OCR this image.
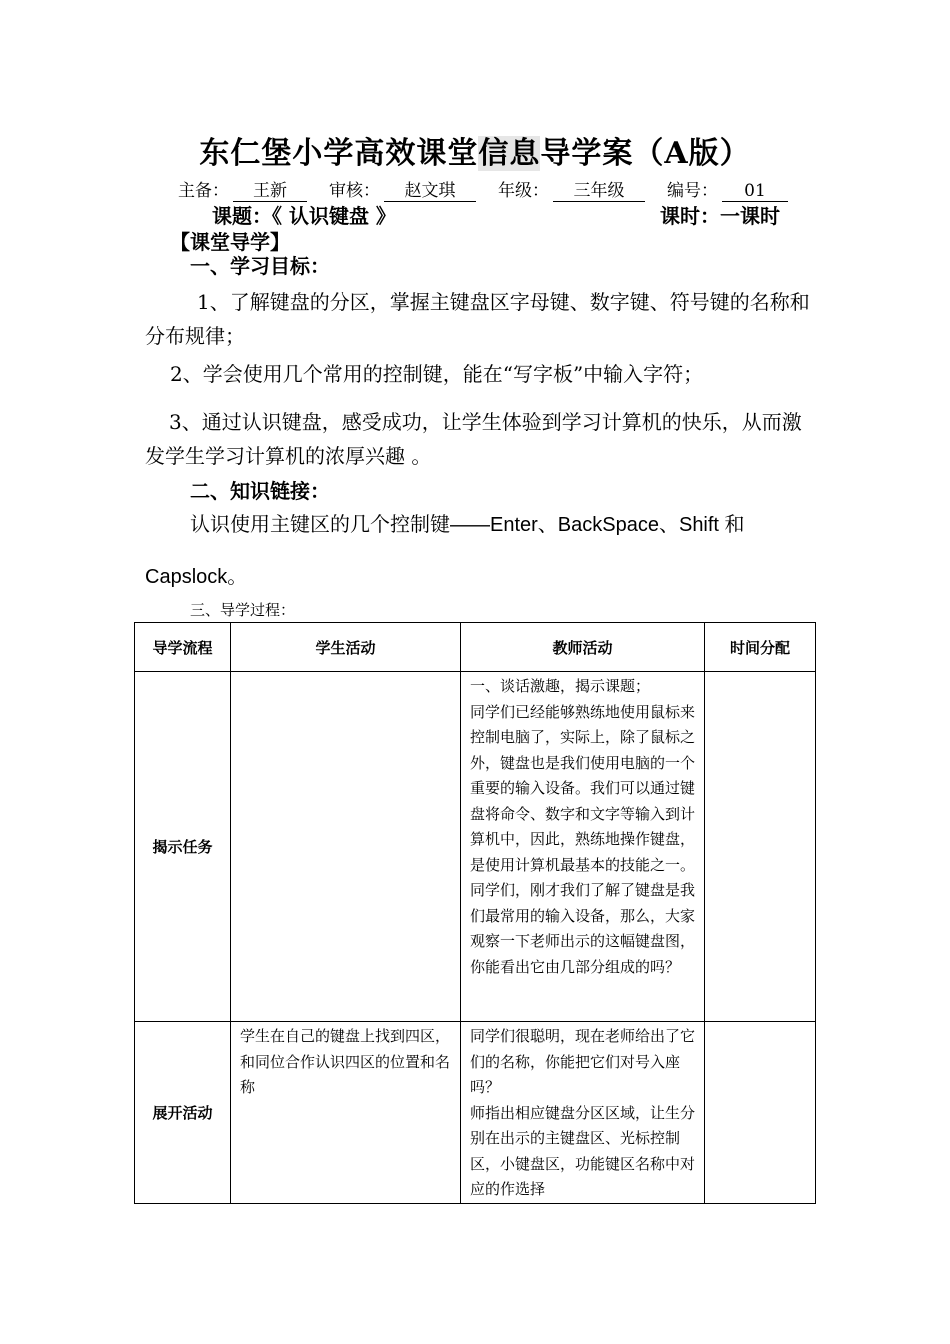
东仁堡小学高效课堂信息导学案（A版）
主备： 王新 审核： 赵文琪	年级： 三年级	编号： 01
课题：《 认识键盘 》	课时：一课时
【课堂导学】
一、学习目标：
1、了解键盘的分区，掌握主键盘区字母键、数字键、符号键的名称和分布规律；
2、学会使用几个常用的控制键，能在“写字板”中输入字符；
3、通过认识键盘，感受成功，让学生体验到学习计算机的快乐，从而激发学生学习计算机的浓厚兴趣 。
二、知识链接：
认识使用主键区的几个控制键——Enter、BackSpace、Shift 和
Capslock。
三、导学过程：
导学流程	学生活动	教师活动	时间分配
揭示任务		一、谈话激趣，揭示课题；
同学们已经能够熟练地使用鼠标来控制电脑了，实际上，除了鼠标之外，键盘也是我们使用电脑的一个重要的输入设备。我们可以通过键盘将命令、数字和文字等输入到计算机中，因此，熟练地操作键盘，是使用计算机最基本的技能之一。同学们，刚才我们了解了键盘是我们最常用的输入设备，那么，大家观察一下老师出示的这幅键盘图，你能看出它由几部分组成的吗？	

展开活动	学生在自己的键盘上找到四区，和同位合作认识四区的位置和名称	同学们很聪明，现在老师给出了它们的名称，你能把它们对号入座吗？
师指出相应键盘分区区域，让生分别在出示的主键盘区、光标控制区，小键盘区，功能键区名称中对应的作选择	
